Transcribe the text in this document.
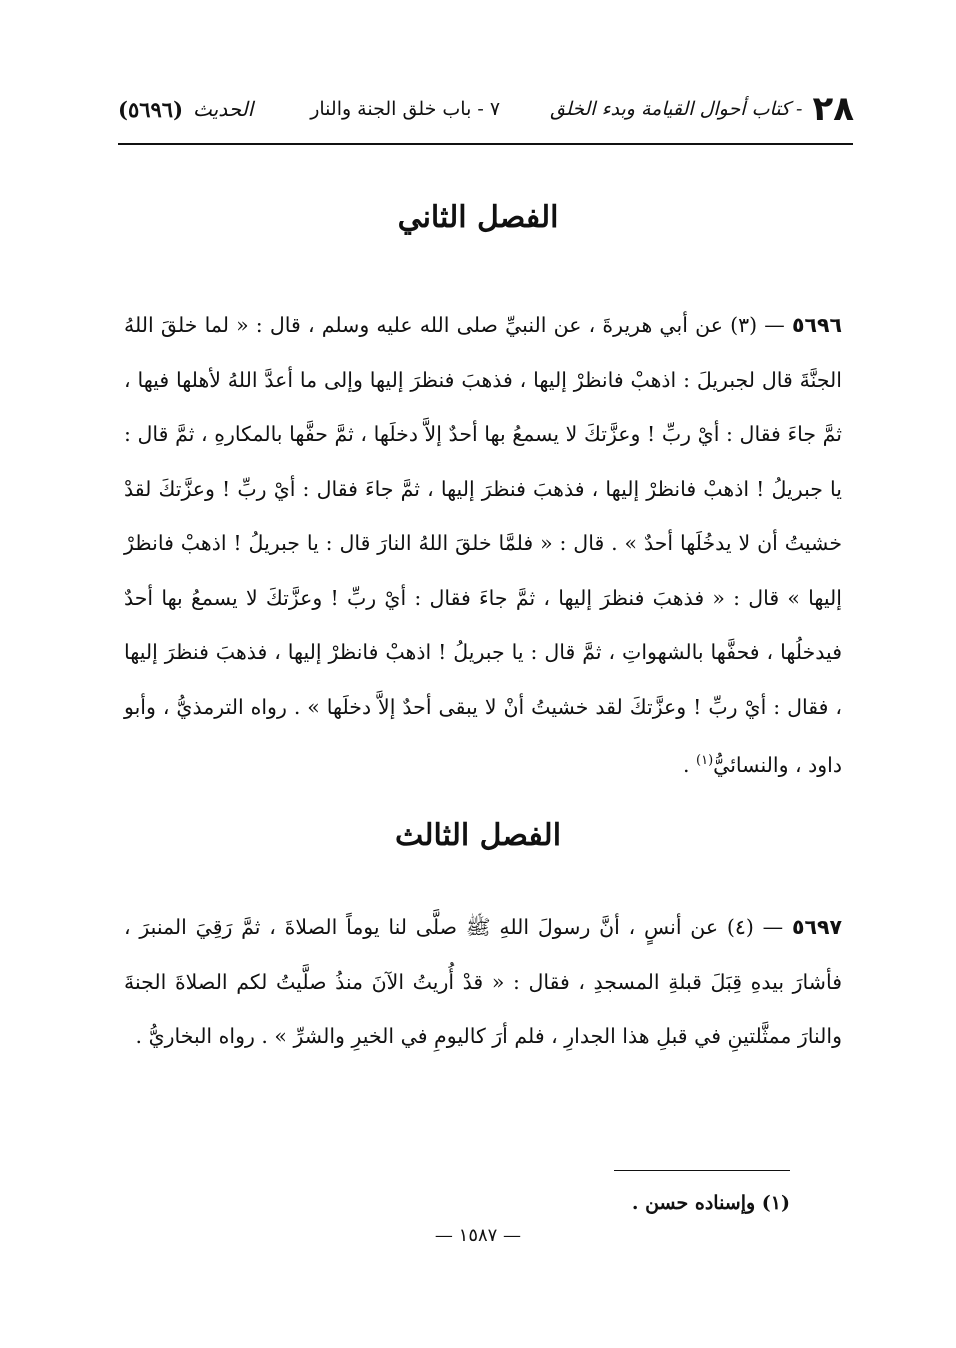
٢٨
- كتاب أحوال القيامة وبدء الخلق
٧ - باب خلق الجنة والنار
الحديث
(٥٦٩٦)
الفصل الثاني
٥٦٩٦ — (٣) عن أبي هريرةَ ، عن النبيِّ صلى الله عليه وسلم ، قال : « لما خلقَ اللهُ الجنَّةَ قال لجبريلَ : اذهبْ فانظرْ إليها ، فذهبَ فنظرَ إليها وإلى ما أعدَّ اللهُ لأهلها فيها ، ثمَّ جاءَ فقال : أيْ ربِّ ! وعزَّتكَ لا يسمعُ بها أحدٌ إلاَّ دخلَها ، ثمَّ حفَّها بالمكارهِ ، ثمَّ قال : يا جبريلُ ! اذهبْ فانظرْ إليها ، فذهبَ فنظرَ إليها ، ثمَّ جاءَ فقال : أيْ ربِّ ! وعزَّتكَ لقدْ خشيتُ أن لا يدخُلَها أحدٌ » . قال : « فلمَّا خلقَ اللهُ النارَ قال : يا جبريلُ ! اذهبْ فانظرْ إليها » قال : « فذهبَ فنظرَ إليها ، ثمَّ جاءَ فقال : أيْ ربِّ ! وعزَّتكَ لا يسمعُ بها أحدٌ فيدخلُها ، فحفَّها بالشهواتِ ، ثمَّ قال : يا جبريلُ ! اذهبْ فانظرْ إليها ، فذهبَ فنظرَ إليها ، فقال : أيْ ربِّ ! وعزَّتكَ لقد خشيتُ أنْ لا يبقى أحدٌ إلاَّ دخلَها » . رواه الترمذيُّ ، وأبو داود ، والنسائيُّ$^{(١)}$ .
الفصل الثالث
٥٦٩٧ — (٤) عن أنسٍ ، أنَّ رسولَ اللهِ ﷺ صلَّى لنا يوماً الصلاةَ ، ثمَّ رَقِيَ المنبرَ ، فأشارَ بيدهِ قِبَلَ قبلةِ المسجدِ ، فقال : « قدْ أُريتُ الآنَ منذُ صلَّيتُ لكم الصلاةَ الجنةَ والنارَ ممثَّلتينِ في قبلِ هذا الجدارِ ، فلم أرَ كاليومِ في الخيرِ والشرِّ » . رواه البخاريُّ .
(١) وإسناده حسن .
— ١٥٨٧ —
